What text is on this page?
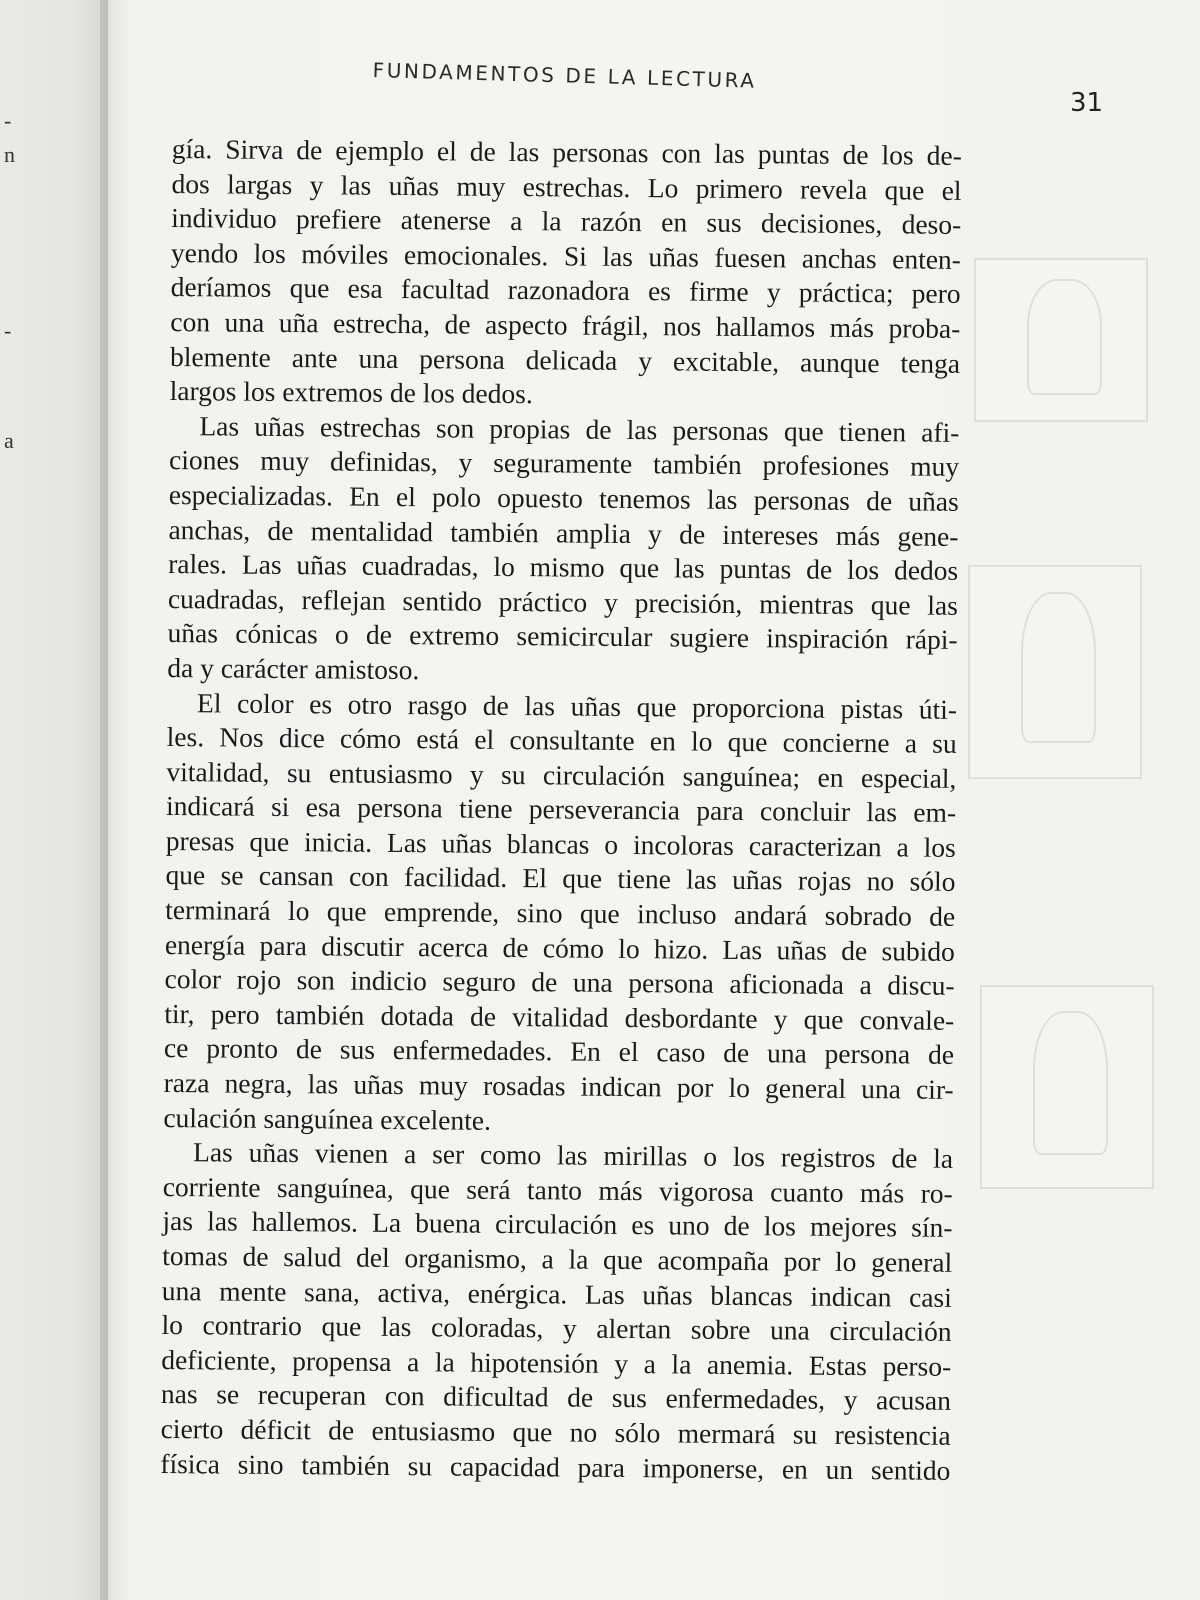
‐
n
-
a
FUNDAMENTOS DE LA LECTURA
31
gía. Sirva de ejemplo el de las personas con las puntas de los de-
dos largas y las uñas muy estrechas. Lo primero revela que el
individuo prefiere atenerse a la razón en sus decisiones, deso-
yendo los móviles emocionales. Si las uñas fuesen anchas enten-
deríamos que esa facultad razonadora es firme y práctica; pero
con una uña estrecha, de aspecto frágil, nos hallamos más proba-
blemente ante una persona delicada y excitable, aunque tenga
largos los extremos de los dedos.
Las uñas estrechas son propias de las personas que tienen afi-
ciones muy definidas, y seguramente también profesiones muy
especializadas. En el polo opuesto tenemos las personas de uñas
anchas, de mentalidad también amplia y de intereses más gene-
rales. Las uñas cuadradas, lo mismo que las puntas de los dedos
cuadradas, reflejan sentido práctico y precisión, mientras que las
uñas cónicas o de extremo semicircular sugiere inspiración rápi-
da y carácter amistoso.
El color es otro rasgo de las uñas que proporciona pistas úti-
les. Nos dice cómo está el consultante en lo que concierne a su
vitalidad, su entusiasmo y su circulación sanguínea; en especial,
indicará si esa persona tiene perseverancia para concluir las em-
presas que inicia. Las uñas blancas o incoloras caracterizan a los
que se cansan con facilidad. El que tiene las uñas rojas no sólo
terminará lo que emprende, sino que incluso andará sobrado de
energía para discutir acerca de cómo lo hizo. Las uñas de subido
color rojo son indicio seguro de una persona aficionada a discu-
tir, pero también dotada de vitalidad desbordante y que convale-
ce pronto de sus enfermedades. En el caso de una persona de
raza negra, las uñas muy rosadas indican por lo general una cir-
culación sanguínea excelente.
Las uñas vienen a ser como las mirillas o los registros de la
corriente sanguínea, que será tanto más vigorosa cuanto más ro-
jas las hallemos. La buena circulación es uno de los mejores sín-
tomas de salud del organismo, a la que acompaña por lo general
una mente sana, activa, enérgica. Las uñas blancas indican casi
lo contrario que las coloradas, y alertan sobre una circulación
deficiente, propensa a la hipotensión y a la anemia. Estas perso-
nas se recuperan con dificultad de sus enfermedades, y acusan
cierto déficit de entusiasmo que no sólo mermará su resistencia
física sino también su capacidad para imponerse, en un sentido
